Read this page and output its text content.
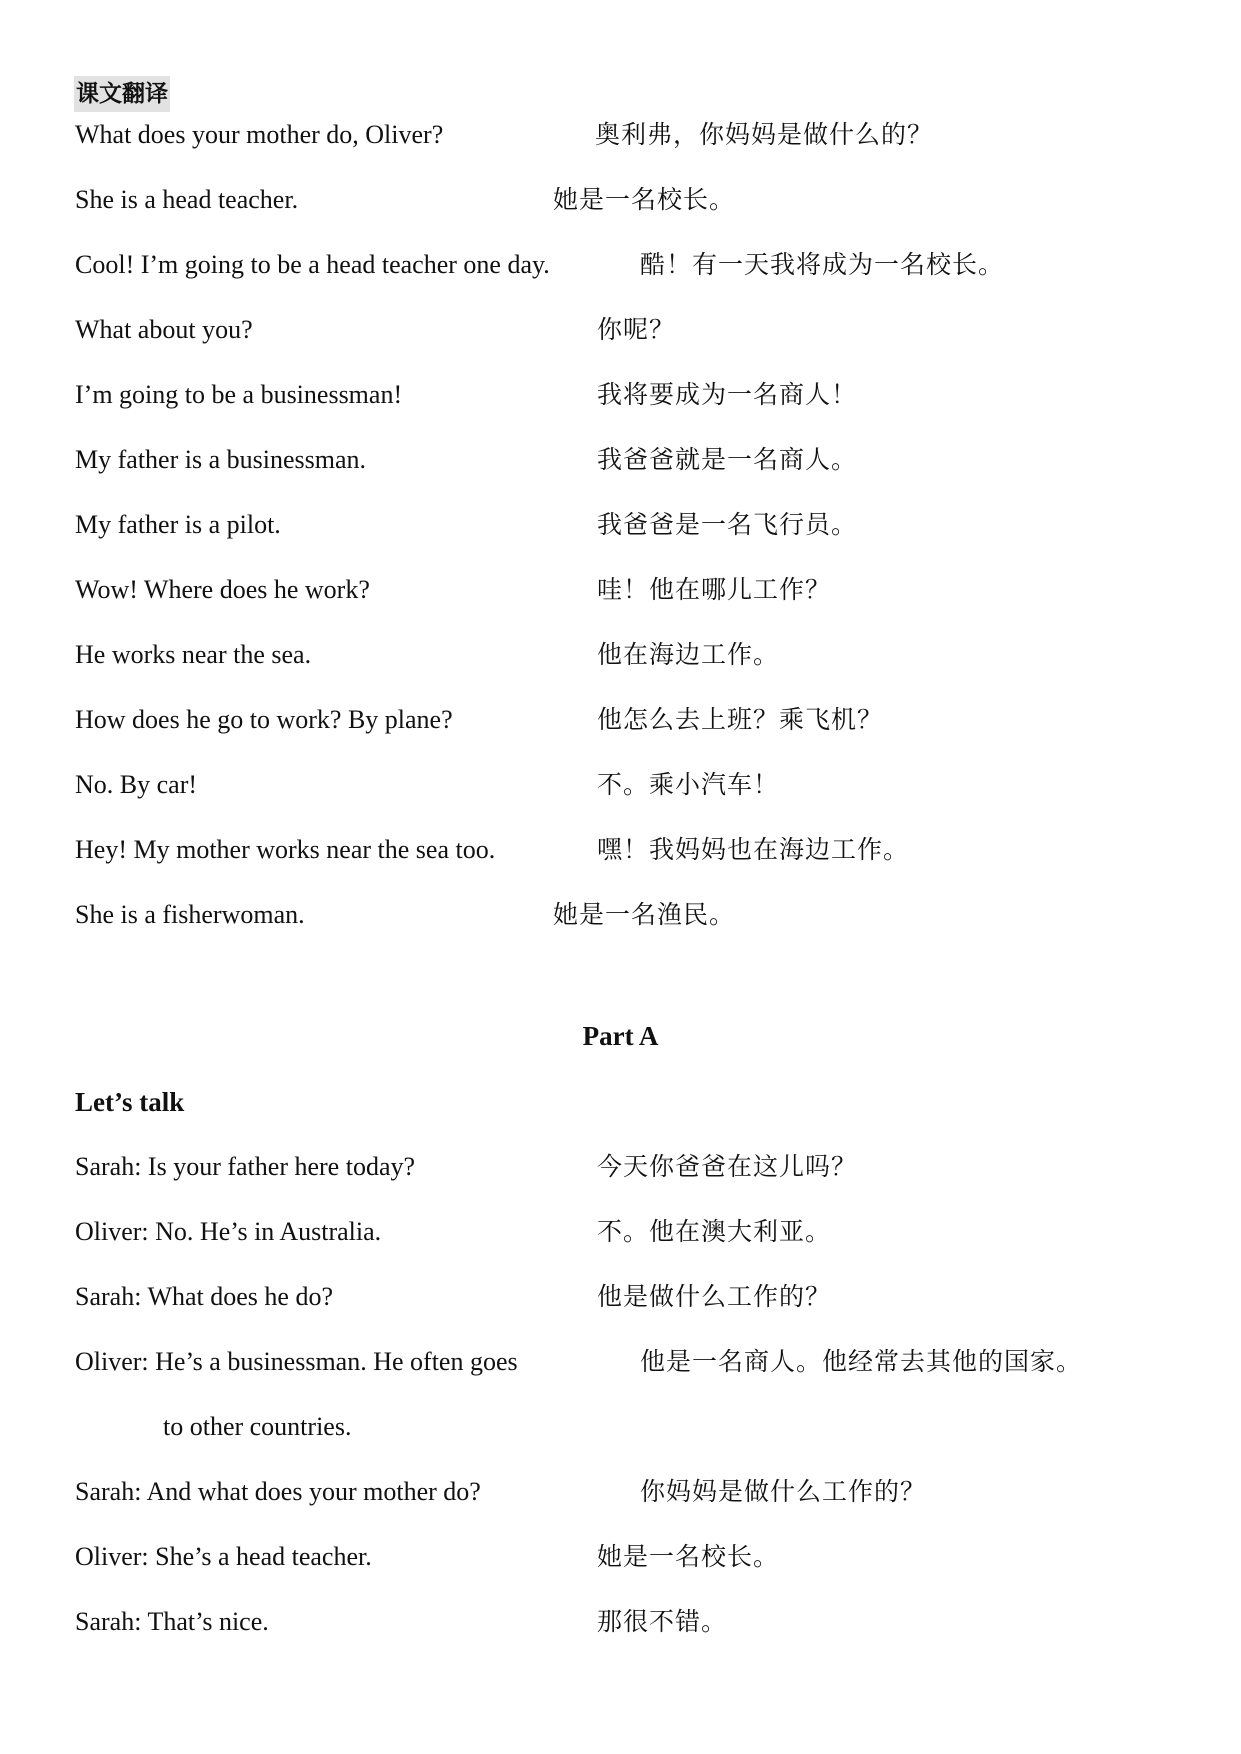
课文翻译
What does your mother do, Oliver?	奥利弗，你妈妈是做什么的？
She is a head teacher.	她是一名校长。
Cool! I’m going to be a head teacher one day.	酷！有一天我将成为一名校长。
What about you?	你呢？
I’m going to be a businessman!	我将要成为一名商人！
My father is a businessman.	我爸爸就是一名商人。
My father is a pilot.	我爸爸是一名飞行员。
Wow! Where does he work?	哇！他在哪儿工作？
He works near the sea.	他在海边工作。
How does he go to work? By plane?	他怎么去上班？乘飞机？
No. By car!	不。乘小汽车！
Hey! My mother works near the sea too.	嘿！我妈妈也在海边工作。
She is a fisherwoman.	她是一名渔民。
Part A
Let’s talk
Sarah: Is your father here today?	今天你爸爸在这儿吗？
Oliver: No. He’s in Australia.	不。他在澳大利亚。
Sarah: What does he do?	他是做什么工作的？
Oliver: He’s a businessman. He often goes	他是一名商人。他经常去其他的国家。
to other countries.
Sarah: And what does your mother do?	你妈妈是做什么工作的？
Oliver: She’s a head teacher.	她是一名校长。
Sarah: That’s nice.	那很不错。
